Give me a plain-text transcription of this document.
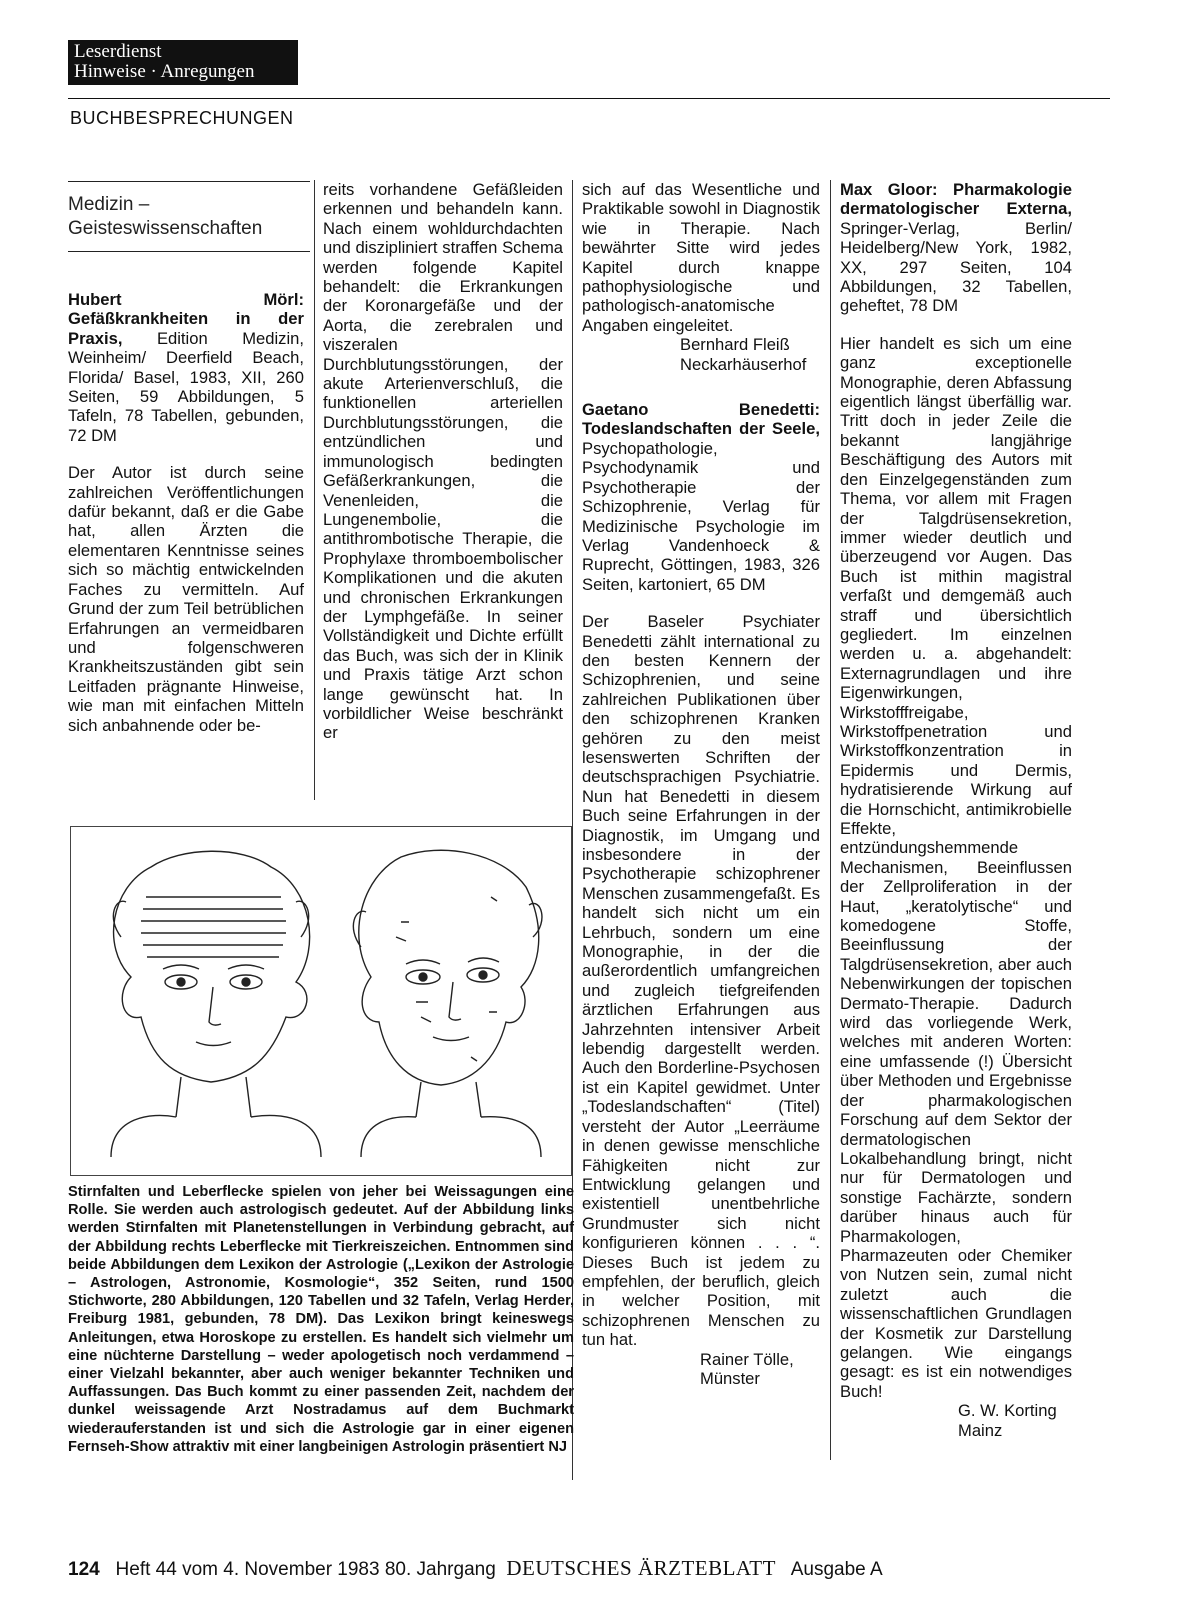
Leserdienst
Hinweise · Anregungen
BUCHBESPRECHUNGEN
Medizin –
Geisteswissenschaften

Hubert Mörl: Gefäßkrankheiten in der Praxis, Edition Medizin, Weinheim/ Deerfield Beach, Florida/ Basel, 1983, XII, 260 Seiten, 59 Abbildungen, 5 Tafeln, 78 Tabellen, gebunden, 72 DM

Der Autor ist durch seine zahlreichen Veröffentlichungen dafür bekannt, daß er die Gabe hat, allen Ärzten die elementaren Kenntnisse seines sich so mächtig entwickelnden Faches zu vermitteln. Auf Grund der zum Teil betrüblichen Erfahrungen an vermeidbaren und folgenschweren Krankheitszuständen gibt sein Leitfaden prägnante Hinweise, wie man mit einfachen Mitteln sich anbahnende oder be-

reits vorhandene Gefäßleiden erkennen und behandeln kann. Nach einem wohldurchdachten und diszipliniert straffen Schema werden folgende Kapitel behandelt: die Erkrankungen der Koronargefäße und der Aorta, die zerebralen und viszeralen Durchblutungsstörungen, der akute Arterienverschluß, die funktionellen arteriellen Durchblutungsstörungen, die entzündlichen und immunologisch bedingten Gefäßerkrankungen, die Venenleiden, die Lungenembolie, die antithrombotische Therapie, die Prophylaxe thromboembolischer Komplikationen und die akuten und chronischen Erkrankungen der Lymphgefäße. In seiner Vollständigkeit und Dichte erfüllt das Buch, was sich der in Klinik und Praxis tätige Arzt schon lange gewünscht hat. In vorbildlicher Weise beschränkt er

sich auf das Wesentliche und Praktikable sowohl in Diagnostik wie in Therapie. Nach bewährter Sitte wird jedes Kapitel durch knappe pathophysiologische und pathologisch-anatomische Angaben eingeleitet.

Bernhard Fleiß
Neckarhäuserhof

Gaetano Benedetti: Todeslandschaften der Seele, Psychopathologie, Psychodynamik und Psychotherapie der Schizophrenie, Verlag für Medizinische Psychologie im Verlag Vandenhoeck & Ruprecht, Göttingen, 1983, 326 Seiten, kartoniert, 65 DM

Der Baseler Psychiater Benedetti zählt international zu den besten Kennern der Schizophrenien, und seine zahlreichen Publikationen über den schizophrenen Kranken gehören zu den meist lesenswerten Schriften der deutschsprachigen Psychiatrie. Nun hat Benedetti in diesem Buch seine Erfahrungen in der Diagnostik, im Umgang und insbesondere in der Psychotherapie schizophrener Menschen zusammengefaßt. Es handelt sich nicht um ein Lehrbuch, sondern um eine Monographie, in der die außerordentlich umfangreichen und zugleich tiefgreifenden ärztlichen Erfahrungen aus Jahrzehnten intensiver Arbeit lebendig dargestellt werden. Auch den Borderline-Psychosen ist ein Kapitel gewidmet. Unter „Todeslandschaften“ (Titel) versteht der Autor „Leerräume in denen gewisse menschliche Fähigkeiten nicht zur Entwicklung gelangen und existentiell unentbehrliche Grundmuster sich nicht konfigurieren können . . . “. Dieses Buch ist jedem zu empfehlen, der beruflich, gleich in welcher Position, mit schizophrenen Menschen zu tun hat.

Rainer Tölle,
Münster

Max Gloor: Pharmakologie dermatologischer Externa, Springer-Verlag, Berlin/ Heidelberg/New York, 1982, XX, 297 Seiten, 104 Abbildungen, 32 Tabellen, geheftet, 78 DM

Hier handelt es sich um eine ganz exceptionelle Monographie, deren Abfassung eigentlich längst überfällig war. Tritt doch in jeder Zeile die bekannt langjährige Beschäftigung des Autors mit den Einzelgegenständen zum Thema, vor allem mit Fragen der Talgdrüsensekretion, immer wieder deutlich und überzeugend vor Augen. Das Buch ist mithin magistral verfaßt und demgemäß auch straff und übersichtlich gegliedert. Im einzelnen werden u. a. abgehandelt: Externagrundlagen und ihre Eigenwirkungen, Wirkstofffreigabe, Wirkstoffpenetration und Wirkstoffkonzentration in Epidermis und Dermis, hydratisierende Wirkung auf die Hornschicht, antimikrobielle Effekte, entzündungshemmende Mechanismen, Beeinflussen der Zellproliferation in der Haut, „keratolytische“ und komedogene Stoffe, Beeinflussung der Talgdrüsensekretion, aber auch Nebenwirkungen der topischen Dermato-Therapie. Dadurch wird das vorliegende Werk, welches mit anderen Worten: eine umfassende (!) Übersicht über Methoden und Ergebnisse der pharmakologischen Forschung auf dem Sektor der dermatologischen Lokalbehandlung bringt, nicht nur für Dermatologen und sonstige Fachärzte, sondern darüber hinaus auch für Pharmakologen, Pharmazeuten oder Chemiker von Nutzen sein, zumal nicht zuletzt auch die wissenschaftlichen Grundlagen der Kosmetik zur Darstellung gelangen. Wie eingangs gesagt: es ist ein notwendiges Buch!

G. W. Korting
Mainz
Stirnfalten und Leberflecke spielen von jeher bei Weissagungen eine Rolle. Sie werden auch astrologisch gedeutet. Auf der Abbildung links werden Stirnfalten mit Planetenstellungen in Verbindung gebracht, auf der Abbildung rechts Leberflecke mit Tierkreiszeichen. Entnommen sind beide Abbildungen dem Lexikon der Astrologie („Lexikon der Astrologie – Astrologen, Astronomie, Kosmologie“, 352 Seiten, rund 1500 Stichworte, 280 Abbildungen, 120 Tabellen und 32 Tafeln, Verlag Herder, Freiburg 1981, gebunden, 78 DM). Das Lexikon bringt keineswegs Anleitungen, etwa Horoskope zu erstellen. Es handelt sich vielmehr um eine nüchterne Darstellung – weder apologetisch noch verdammend – einer Vielzahl bekannter, aber auch weniger bekannter Techniken und Auffassungen. Das Buch kommt zu einer passenden Zeit, nachdem der dunkel weissagende Arzt Nostradamus auf dem Buchmarkt wiederauferstanden ist und sich die Astrologie gar in einer eigenen Fernseh-Show attraktiv mit einer langbeinigen Astrologin präsentiert NJ
124 Heft 44 vom 4. November 1983 80. Jahrgang DEUTSCHES ÄRZTEBLATT Ausgabe A
